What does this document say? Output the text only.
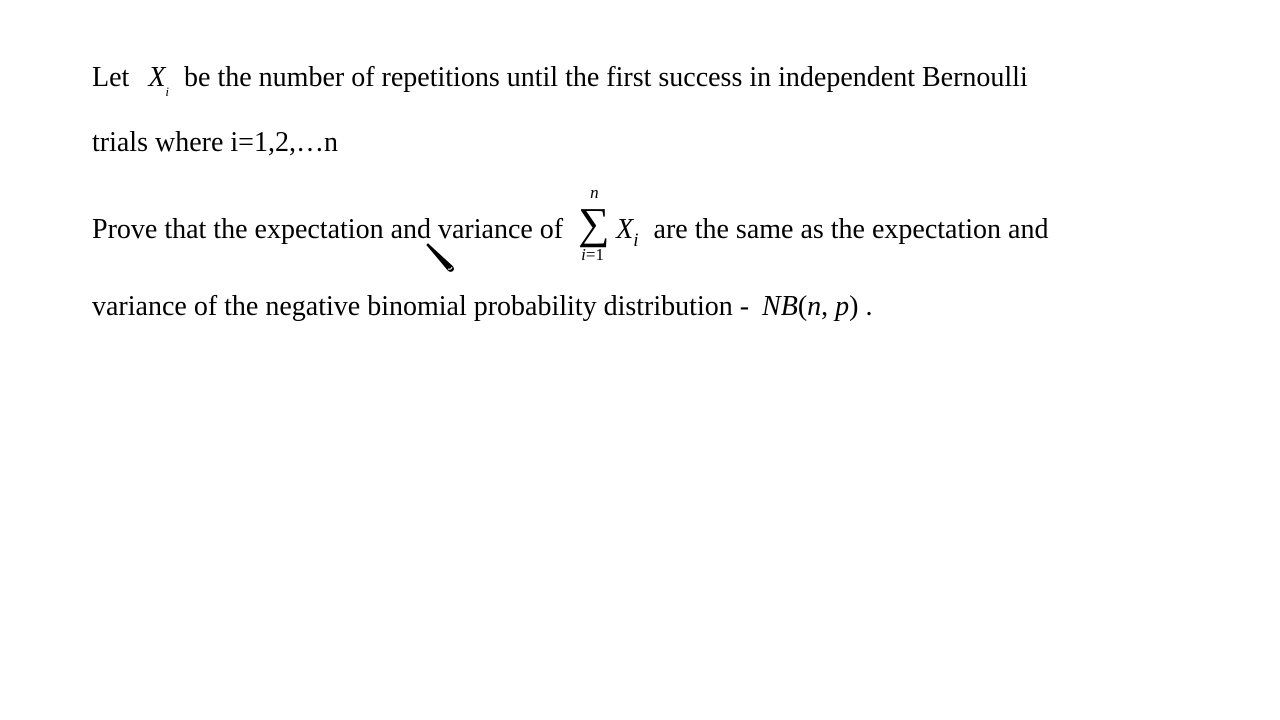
Let $X_i$ be the number of repetitions until the first success in independent Bernoulli
trials where i=1,2,…n
Prove that the expectation and variance of
n
∑
i=1
$X_i$ are the same as the expectation and
variance of the negative binomial probability distribution - NB(n, p) .
